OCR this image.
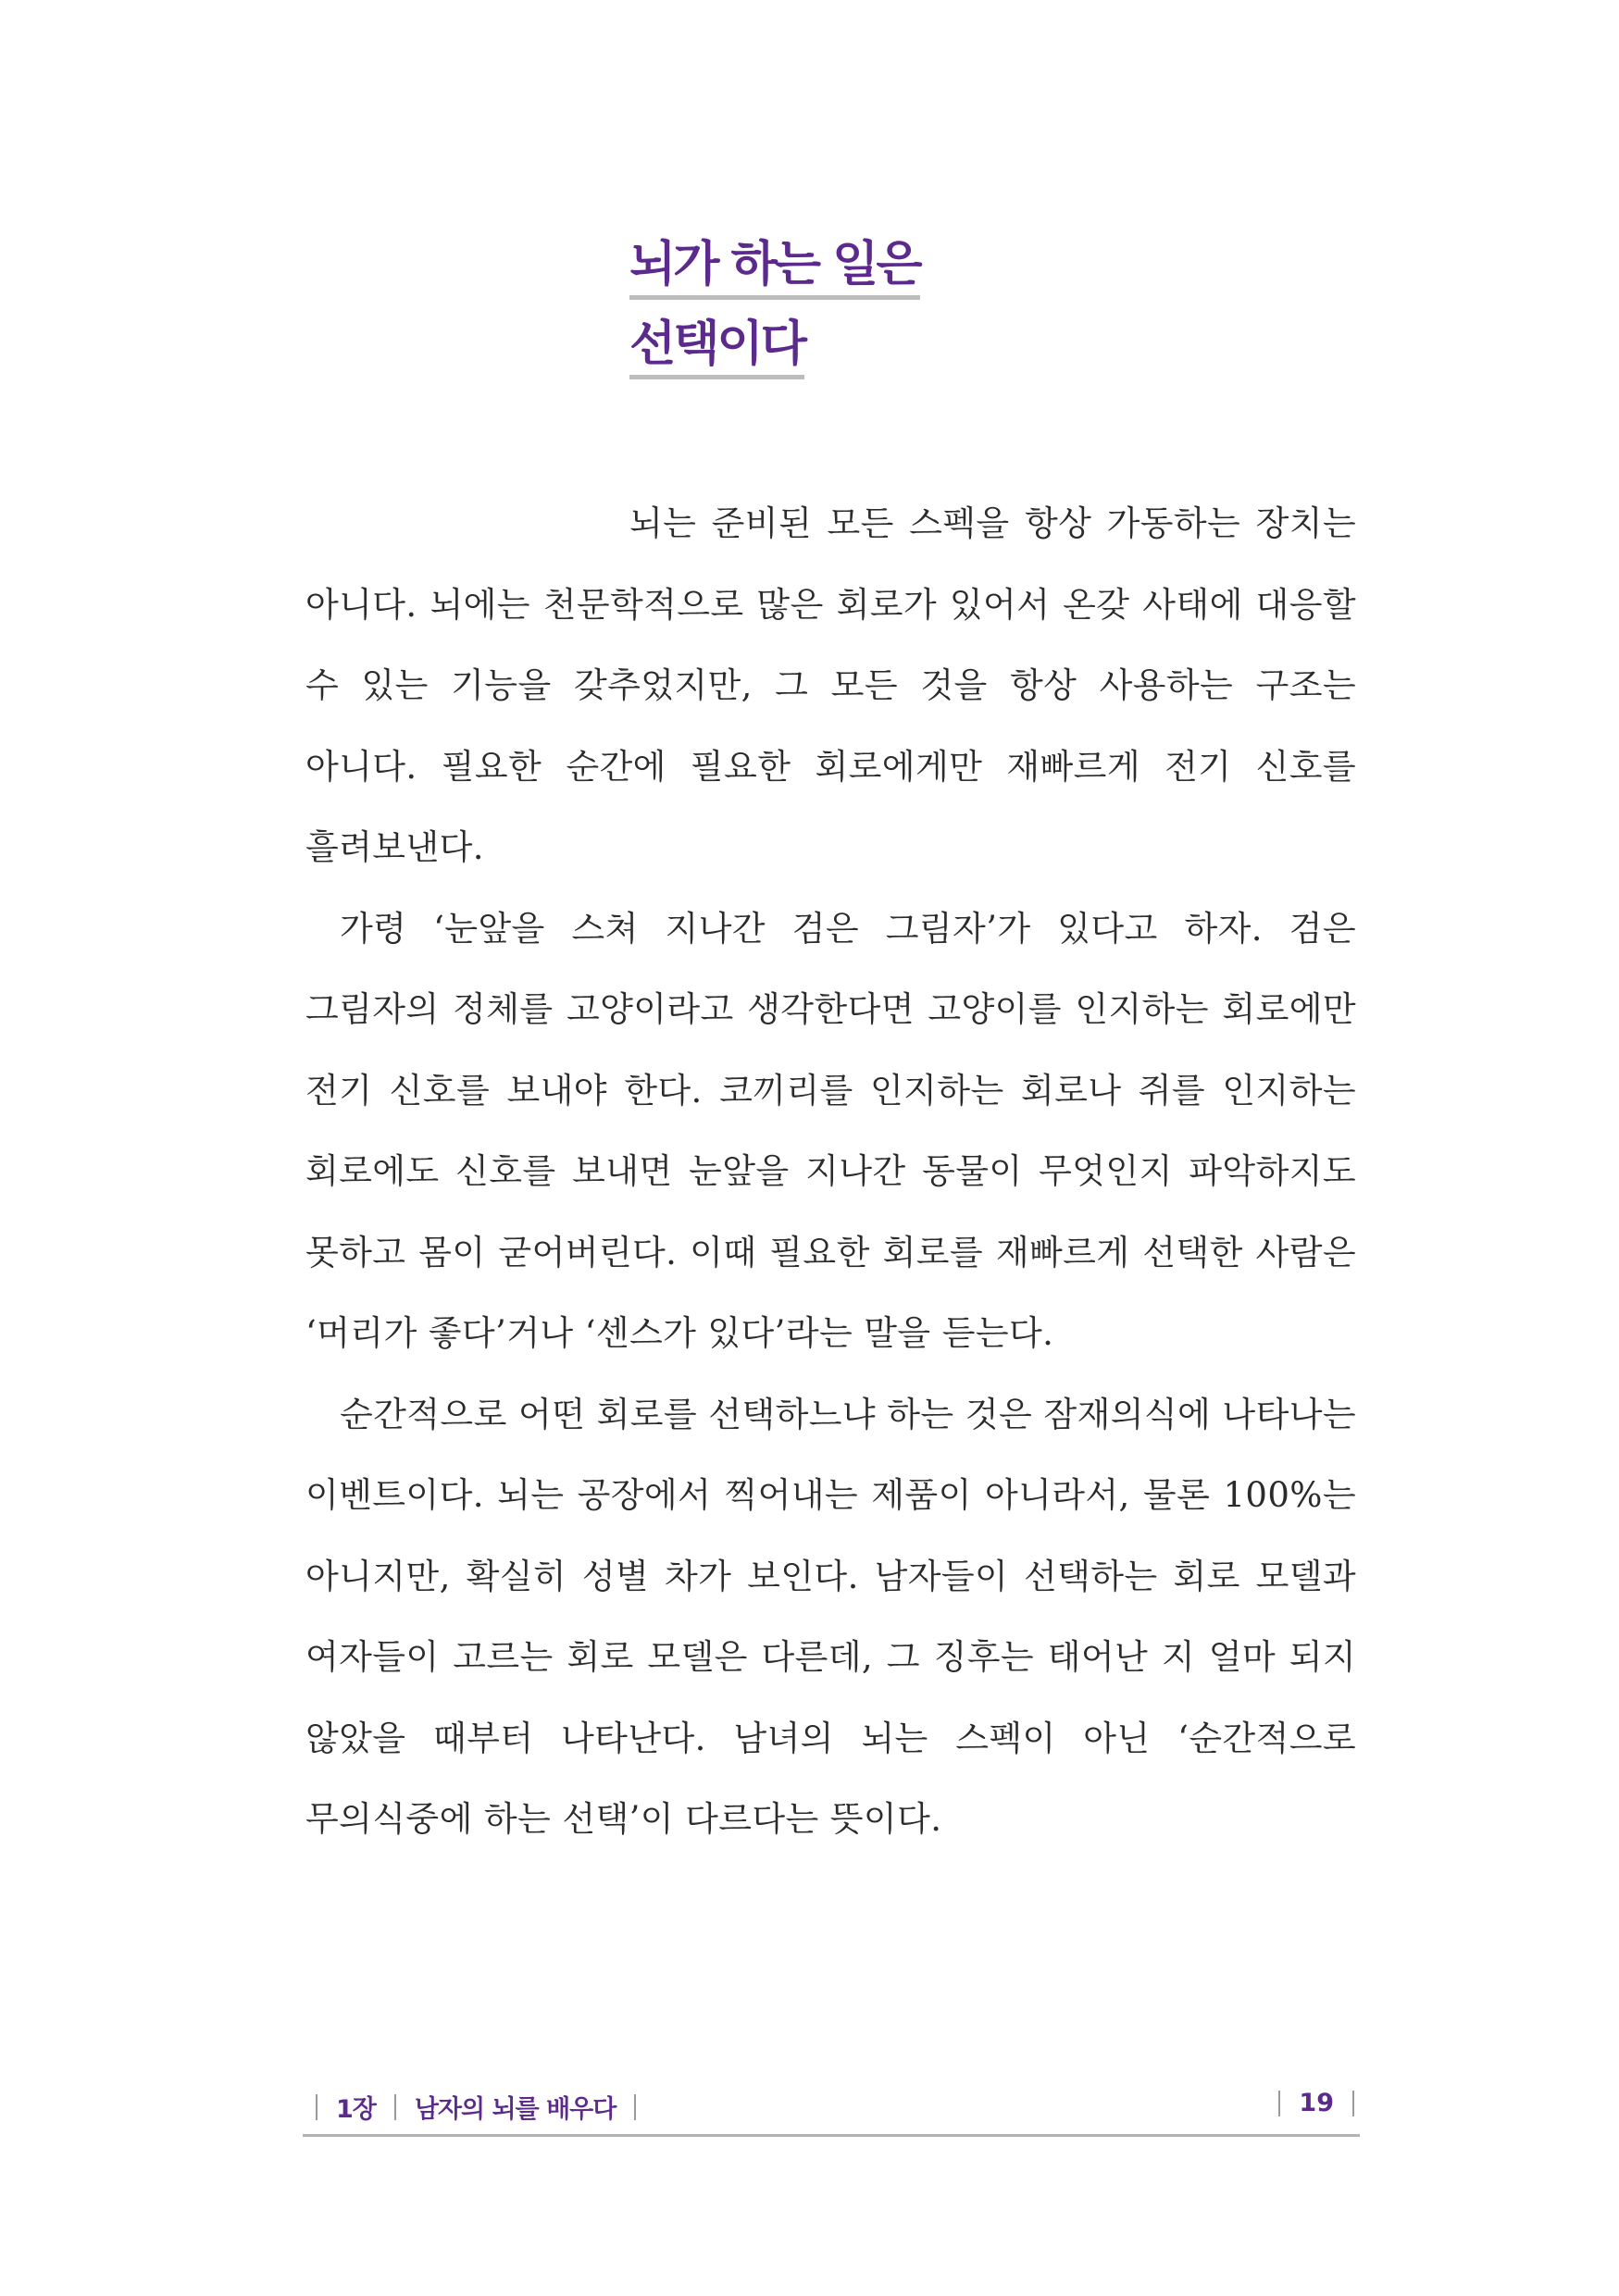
뇌가 하는 일은
선택이다

뇌는 준비된 모든 스펙을 항상 가동하는 장치는 아니다. 뇌에는 천문학적으로 많은 회로가 있어서 온갖 사태에 대응할 수 있는 기능을 갖추었지만, 그 모든 것을 항상 사용하는 구조는 아니다. 필요한 순간에 필요한 회로에게만 재빠르게 전기 신호를 흘려보낸다.

가령 ‘눈앞을 스쳐 지나간 검은 그림자’가 있다고 하자. 검은 그림자의 정체를 고양이라고 생각한다면 고양이를 인지하는 회로에만 전기 신호를 보내야 한다. 코끼리를 인지하는 회로나 쥐를 인지하는 회로에도 신호를 보내면 눈앞을 지나간 동물이 무엇인지 파악하지도 못하고 몸이 굳어버린다. 이때 필요한 회로를 재빠르게 선택한 사람은 ‘머리가 좋다’거나 ‘센스가 있다’라는 말을 듣는다.

순간적으로 어떤 회로를 선택하느냐 하는 것은 잠재의식에 나타나는 이벤트이다. 뇌는 공장에서 찍어내는 제품이 아니라서, 물론 100%는 아니지만, 확실히 성별 차가 보인다. 남자들이 선택하는 회로 모델과 여자들이 고르는 회로 모델은 다른데, 그 징후는 태어난 지 얼마 되지 않았을 때부터 나타난다. 남녀의 뇌는 스펙이 아닌 ‘순간적으로 무의식중에 하는 선택’이 다르다는 뜻이다.

1장 남자의 뇌를 배우다	19
